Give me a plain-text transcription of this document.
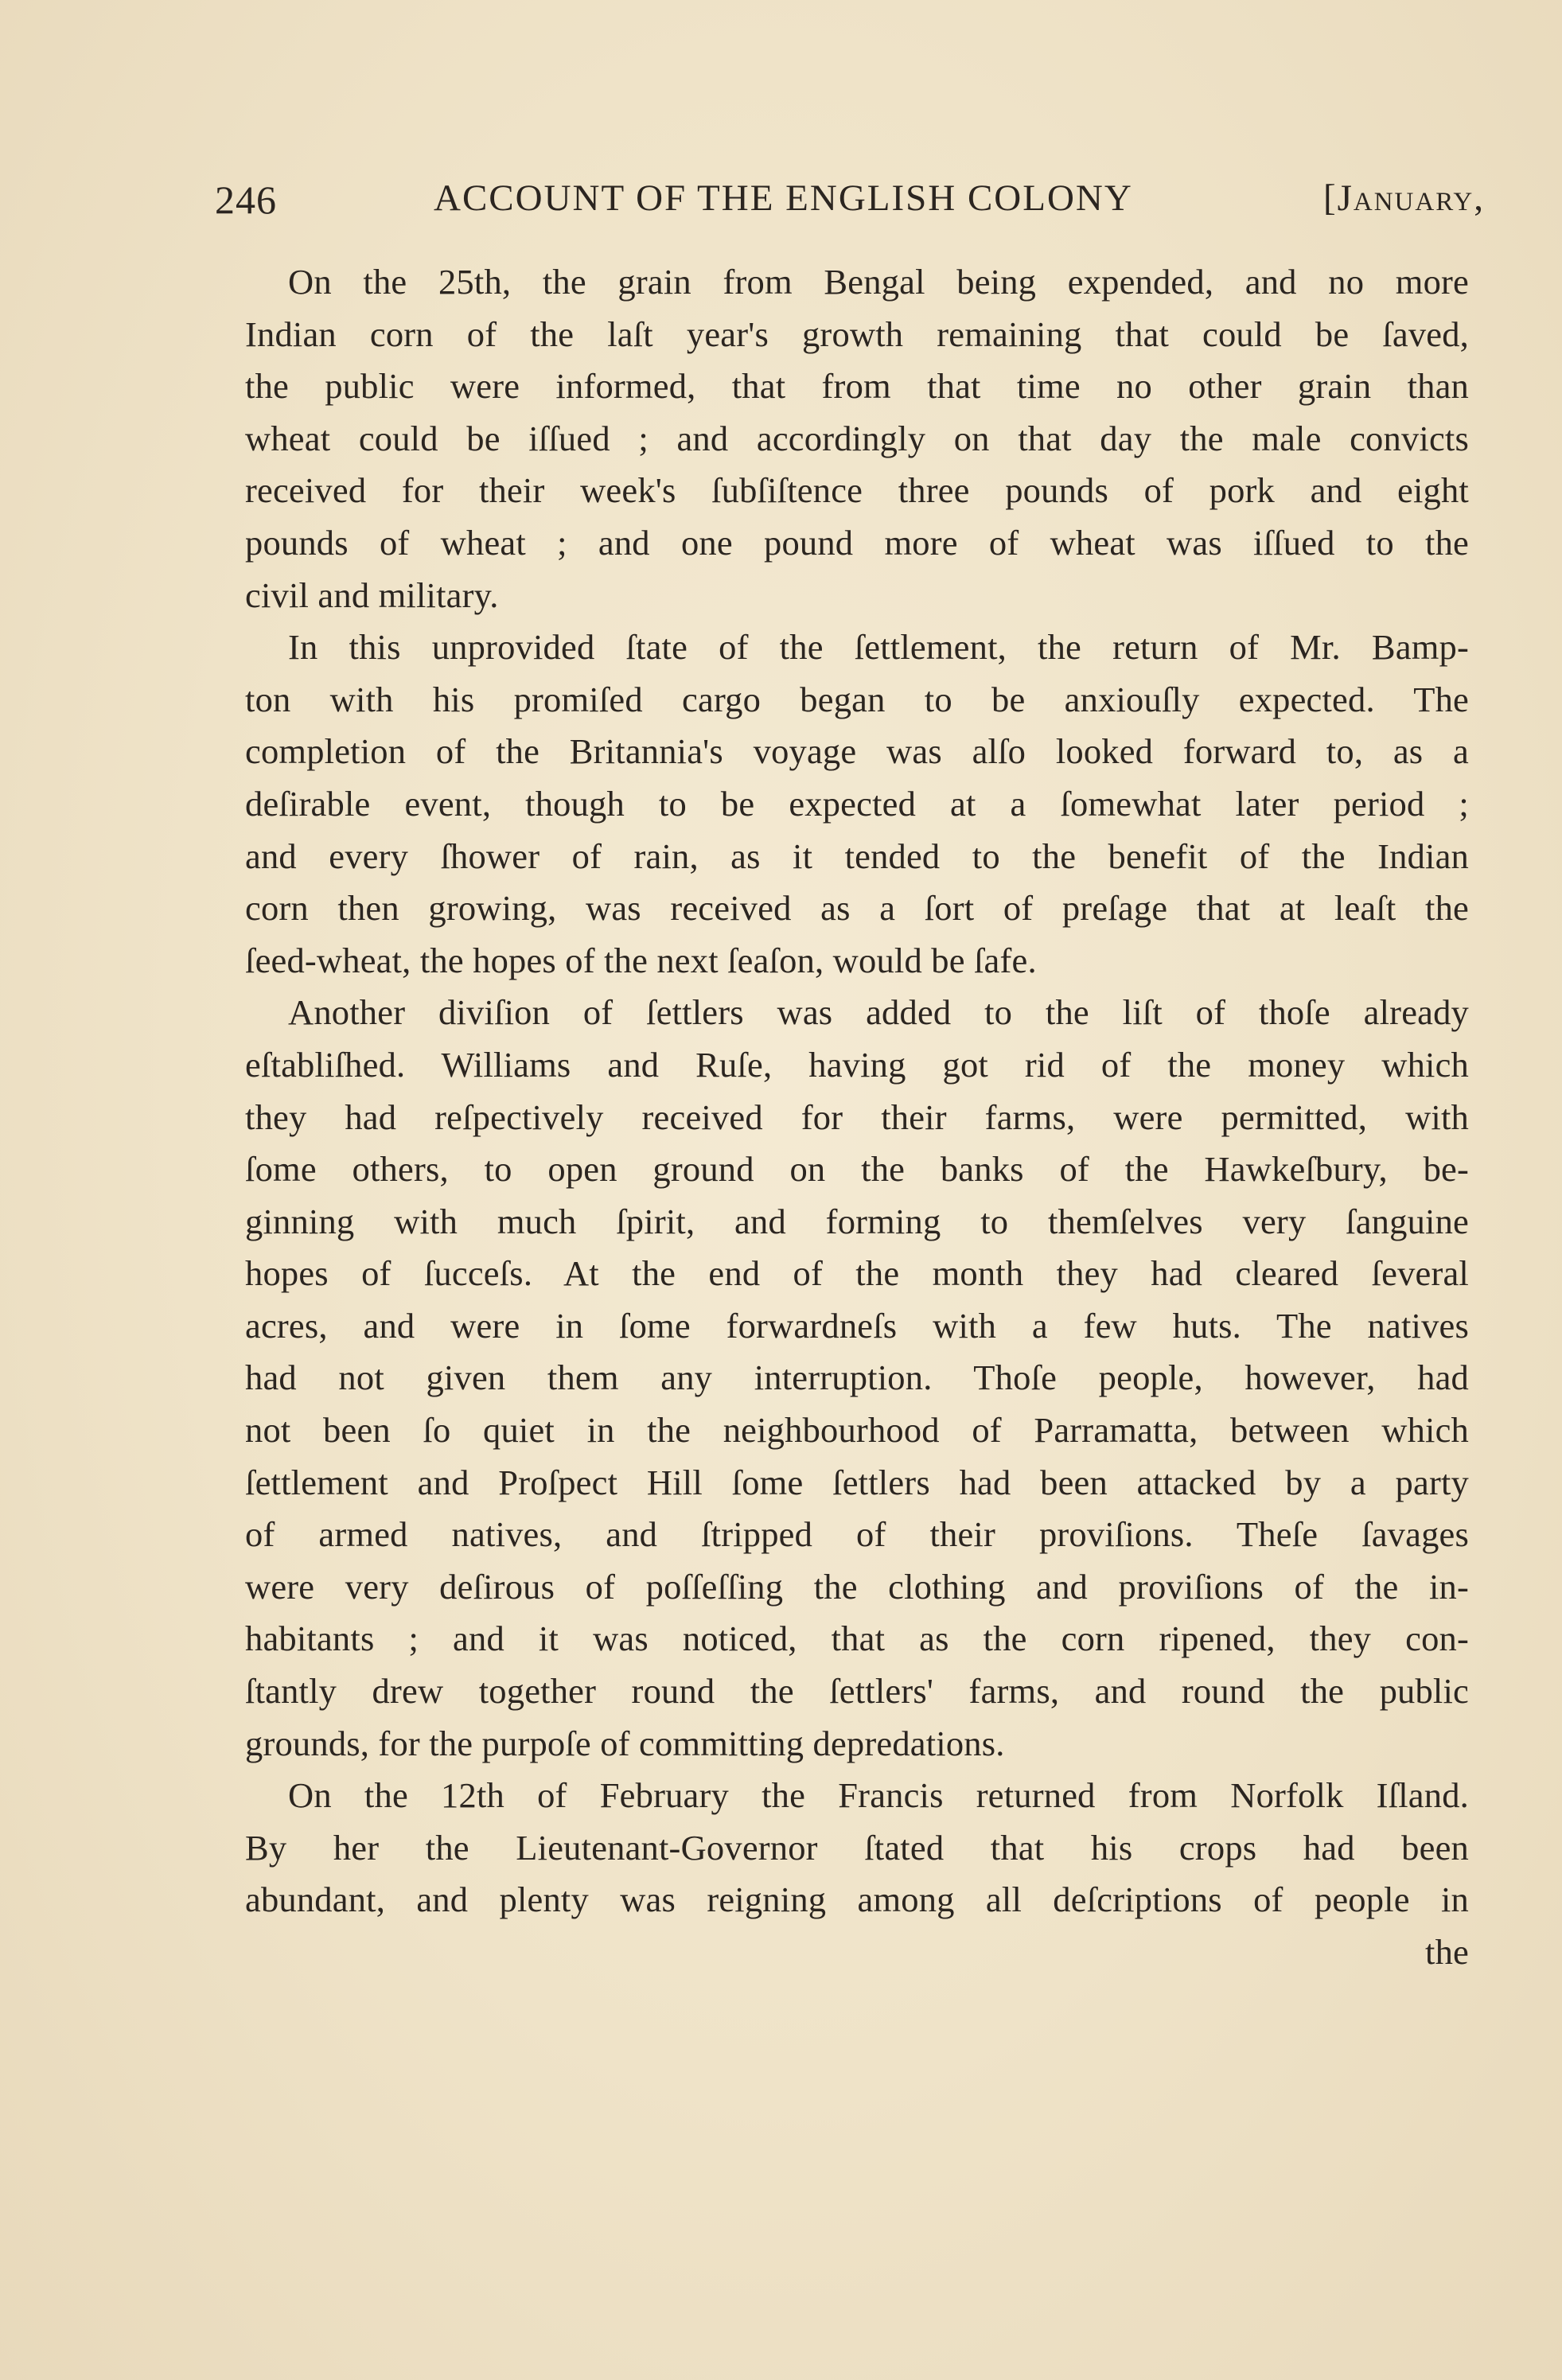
246	ACCOUNT OF THE ENGLISH COLONY	[January,
On the 25th, the grain from Bengal being expended, and no more
Indian corn of the laſt year's growth remaining that could be ſaved,
the public were informed, that from that time no other grain than
wheat could be iſſued ; and accordingly on that day the male convicts
received for their week's ſubſiſtence three pounds of pork and eight
pounds of wheat ; and one pound more of wheat was iſſued to the
civil and military.
In this unprovided ſtate of the ſettlement, the return of Mr. Bamp-
ton with his promiſed cargo began to be anxiouſly expected. The
completion of the Britannia's voyage was alſo looked forward to, as a
deſirable event, though to be expected at a ſomewhat later period ;
and every ſhower of rain, as it tended to the benefit of the Indian
corn then growing, was received as a ſort of preſage that at leaſt the
ſeed-wheat, the hopes of the next ſeaſon, would be ſafe.
Another diviſion of ſettlers was added to the liſt of thoſe already
eſtabliſhed. Williams and Ruſe, having got rid of the money which
they had reſpectively received for their farms, were permitted, with
ſome others, to open ground on the banks of the Hawkeſbury, be-
ginning with much ſpirit, and forming to themſelves very ſanguine
hopes of ſucceſs. At the end of the month they had cleared ſeveral
acres, and were in ſome forwardneſs with a few huts. The natives
had not given them any interruption. Thoſe people, however, had
not been ſo quiet in the neighbourhood of Parramatta, between which
ſettlement and Proſpect Hill ſome ſettlers had been attacked by a party
of armed natives, and ſtripped of their proviſions. Theſe ſavages
were very deſirous of poſſeſſing the clothing and proviſions of the in-
habitants ; and it was noticed, that as the corn ripened, they con-
ſtantly drew together round the ſettlers' farms, and round the public
grounds, for the purpoſe of committing depredations.
On the 12th of February the Francis returned from Norfolk Iſland.
By her the Lieutenant-Governor ſtated that his crops had been
abundant, and plenty was reigning among all deſcriptions of people in
the
